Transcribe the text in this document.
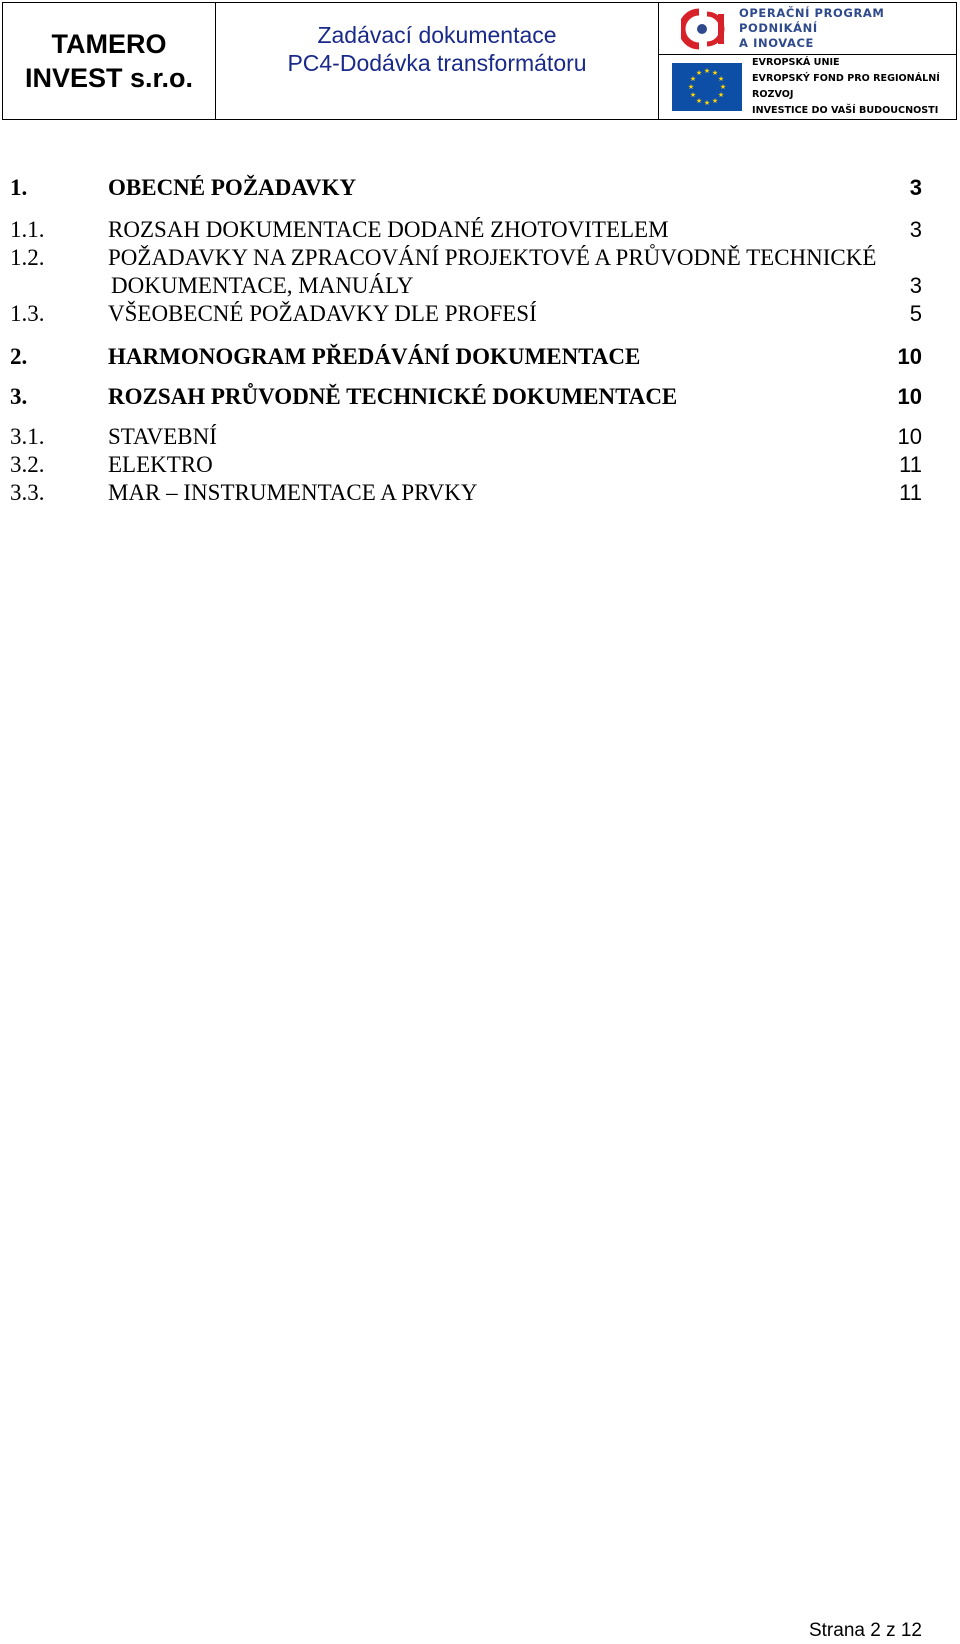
TAMERO
INVEST s.r.o.
Zadávací dokumentace
PC4-Dodávka transformátoru
OPERAČNÍ PROGRAM
PODNIKÁNÍ
A INOVACE
★ ★
★
★
★
★
★
★
★
★
★
★
EVROPSKÁ UNIE
EVROPSKÝ FOND PRO REGIONÁLNÍ ROZVOJ
INVESTICE DO VAŠÍ BUDOUCNOSTI
1.	OBECNÉ POŽADAVKY	3
1.1.	ROZSAH DOKUMENTACE DODANÉ ZHOTOVITELEM	3
1.2.	POŽADAVKY NA ZPRACOVÁNÍ PROJEKTOVÉ A PRŮVODNĚ TECHNICKÉ
DOKUMENTACE, MANUÁLY	3
1.3.	VŠEOBECNÉ POŽADAVKY DLE PROFESÍ	5
2.	HARMONOGRAM PŘEDÁVÁNÍ DOKUMENTACE	10
3.	ROZSAH PRŮVODNĚ TECHNICKÉ DOKUMENTACE	10
3.1.	STAVEBNÍ	10
3.2.	ELEKTRO	11
3.3.	MAR – INSTRUMENTACE A PRVKY	11
Strana 2 z 12
